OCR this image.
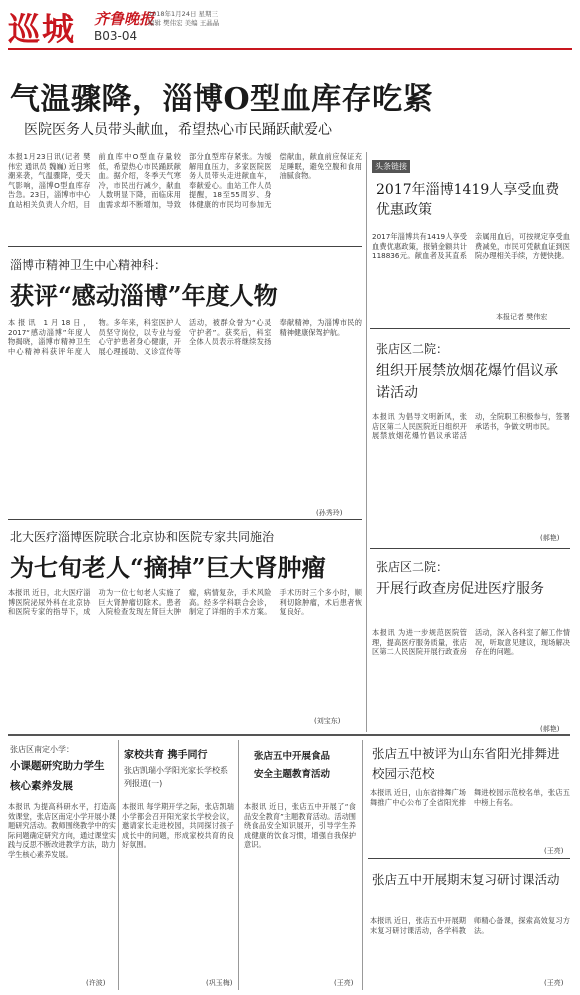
巡城 齐鲁晚报
2018年1月24日 星期三
编辑 樊伟宏 美编 王晶晶
B03-04
气温骤降，淄博O型血库存吃紧
医院医务人员带头献血，希望热心市民踊跃献爱心
本报1月23日讯(记者 樊伟宏 通讯员 魏巍) 近日寒潮来袭，气温骤降，受天气影响，淄博O型血库存告急。23日，淄博市中心血站相关负责人介绍，目前血库中O型血存量较低，希望热心市民踊跃献血。据介绍，冬季天气寒冷，市民出行减少，献血人数明显下降，而临床用血需求却不断增加，导致部分血型库存紧张。为缓解用血压力，多家医院医务人员带头走进献血车，奉献爱心。血站工作人员提醒，18至55周岁、身体健康的市民均可参加无偿献血，献血前应保证充足睡眠，避免空腹和食用油腻食物。
淄博市精神卫生中心精神科：
获评“感动淄博”年度人物
本报讯 1月18日，2017“感动淄博”年度人物揭晓，淄博市精神卫生中心精神科获评年度人物。多年来，科室医护人员坚守岗位，以专业与爱心守护患者身心健康，开展心理援助、义诊宣传等活动，被群众誉为“心灵守护者”。获奖后，科室全体人员表示将继续发扬奉献精神，为淄博市民的精神健康保驾护航。
(孙秀玲)
北大医疗淄博医院联合北京协和医院专家共同施治
为七旬老人“摘掉”巨大肾肿瘤
本报讯 近日，北大医疗淄博医院泌尿外科在北京协和医院专家的指导下，成功为一位七旬老人实施了巨大肾肿瘤切除术。患者入院检查发现左肾巨大肿瘤，病情复杂，手术风险高。经多学科联合会诊，制定了详细的手术方案。手术历时三个多小时，顺利切除肿瘤，术后患者恢复良好。
(刘宝东)
头条链接
2017年淄博1419人享受血费优惠政策
2017年淄博共有1419人享受血费优惠政策，报销金额共计118836元。献血者及其直系亲属用血后，可按规定享受血费减免，市民可凭献血证到医院办理相关手续，方便快捷。
本报记者 樊伟宏
张店区二院：
组织开展禁放烟花爆竹倡议承诺活动
本报讯 为倡导文明新风，张店区第二人民医院近日组织开展禁放烟花爆竹倡议承诺活动，全院职工积极参与，签署承诺书，争做文明市民。
(郝艳)
张店区二院：
开展行政查房促进医疗服务
本报讯 为进一步规范医院管理，提高医疗服务质量，张店区第二人民医院开展行政查房活动，深入各科室了解工作情况，听取意见建议，现场解决存在的问题。
(郝艳)
张店区南定小学：
小课题研究助力学生核心素养发展
本报讯 为提高科研水平，打造高效课堂，张店区南定小学开展小课题研究活动。教师围绕教学中的实际问题确定研究方向，通过课堂实践与反思不断改进教学方法，助力学生核心素养发展。
(许波)
家校共育 携手同行
张店凯瑞小学阳光家长学校系列报道(一)
本报讯 每学期开学之际，张店凯瑞小学都会召开阳光家长学校会议，邀请家长走进校园，共同探讨孩子成长中的问题，形成家校共育的良好氛围。
(巩玉梅)
张店五中开展食品
安全主题教育活动
本报讯 近日，张店五中开展了“食品安全教育”主题教育活动。活动围绕食品安全知识展开，引导学生养成健康的饮食习惯，增强自我保护意识。
(王亮)
张店五中被评为山东省阳光排舞进校园示范校
本报讯 近日，山东省排舞广场舞推广中心公布了全省阳光排舞进校园示范校名单，张店五中榜上有名。
(王亮)
张店五中开展期末复习研讨课活动
本报讯 近日，张店五中开展期末复习研讨课活动，各学科教师精心备课，探索高效复习方法。
(王亮)
